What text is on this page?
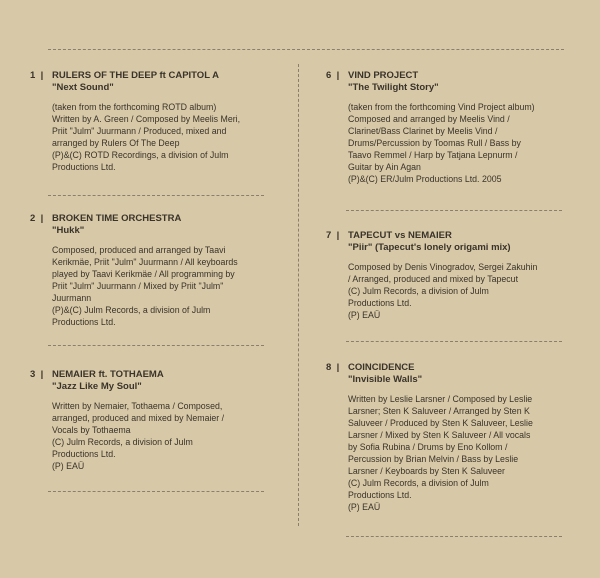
1  | RULERS OF THE DEEP ft CAPITOL A
"Next Sound"
(taken from the forthcoming ROTD album)
Written by A. Green / Composed by Meelis Meri,
Priit "Julm" Juurmann / Produced, mixed and
arranged by Rulers Of The Deep
(P)&(C) ROTD Recordings, a division of Julm
Productions Ltd.
2  | BROKEN TIME ORCHESTRA
"Hukk"
Composed, produced and arranged by Taavi
Kerikmäe, Priit "Julm" Juurmann / All keyboards
played by Taavi Kerikmäe / All programming by
Priit "Julm" Juurmann / Mixed by Priit "Julm"
Juurmann
(P)&(C) Julm Records, a division of Julm
Productions Ltd.
3  | NEMAIER ft. TOTHAEMA
"Jazz Like My Soul"
Written by Nemaier, Tothaema / Composed,
arranged, produced and mixed by Nemaier /
Vocals by Tothaema
(C) Julm Records, a division of Julm
Productions Ltd.
(P) EAÜ
6  | VIND PROJECT
"The Twilight Story"
(taken from the forthcoming Vind Project album)
Composed and arranged by Meelis Vind /
Clarinet/Bass Clarinet by Meelis Vind /
Drums/Percussion by Toomas Rull / Bass by
Taavo Remmel / Harp by Tatjana Lepnurm /
Guitar by Ain Agan
(P)&(C) ER/Julm Productions Ltd. 2005
7  | TAPECUT vs NEMAIER
"Piir" (Tapecut's lonely origami mix)
Composed by Denis Vinogradov, Sergei Zakuhin
/ Arranged, produced and mixed by Tapecut
(C) Julm Records, a division of Julm
Productions Ltd.
(P) EAÜ
8  | COINCIDENCE
"Invisible Walls"
Written by Leslie Larsner / Composed by Leslie
Larsner; Sten K Saluveer / Arranged by Sten K
Saluveer / Produced by Sten K Saluveer, Leslie
Larsner / Mixed by Sten K Saluveer / All vocals
by Sofia Rubina / Drums by Eno Kollom /
Percussion by Brian Melvin / Bass by Leslie
Larsner / Keyboards by Sten K Saluveer
(C) Julm Records, a division of Julm
Productions Ltd.
(P) EAÜ
